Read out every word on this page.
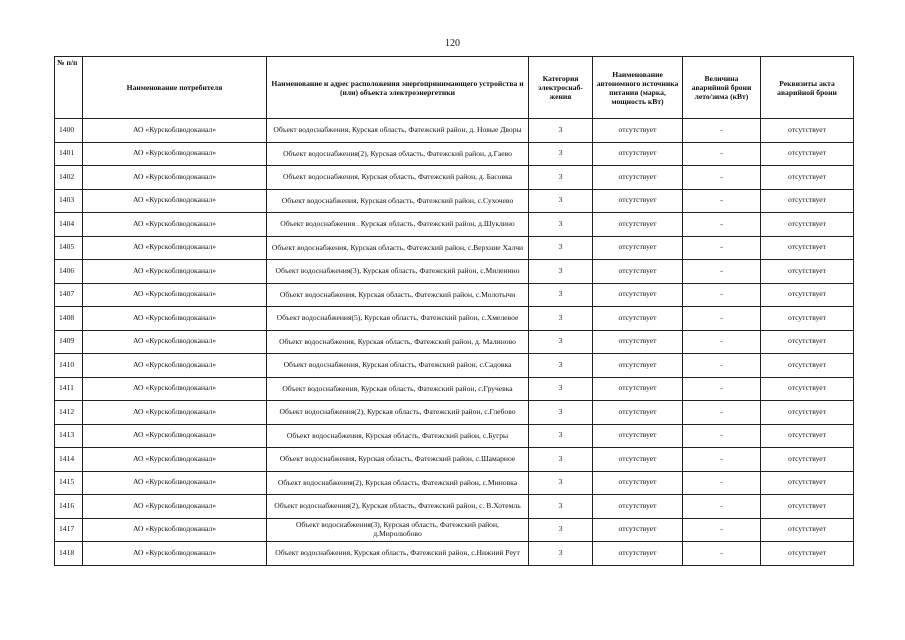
120
№ п/п	Наименование потребителя	Наименование и адрес расположения энергопринимающего устройства и (или) объекта электроэнергетики	Категория электроснаб-жения	Наименование автономного источника питания (марка, мощность кВт)	Величина аварийной брони лето/зима (кВт)	Реквизиты акта аварийной брони
1400	АО «Курскоблводоканал»	Объект водоснабжения, Курская область, Фатежский район, д. Новые Дворы	3	отсутствует	-	отсутствует
1401	АО «Курскоблводоканал»	Объект водоснабжения(2), Курская область, Фатежский район, д.Гаево	3	отсутствует	-	отсутствует
1402	АО «Курскоблводоканал»	Объект водоснабжения, Курская область, Фатежский район, д. Басовка	3	отсутствует	-	отсутствует
1403	АО «Курскоблводоканал»	Объект водоснабжения, Курская область, Фатежский район, с.Сухочево	3	отсутствует	-	отсутствует
1404	АО «Курскоблводоканал»	Объект водоснабжения . Курская область, Фатежский район, д.Шуклино	3	отсутствует	-	отсутствует
1405	АО «Курскоблводоканал»	Объект водоснабжения, Курская область, Фатежский район, с.Верхние Халчи	3	отсутствует	-	отсутствует
1406	АО «Курскоблводоканал»	Объект водоснабжения(3), Курская область, Фатежский район, с.Миленино	3	отсутствует	-	отсутствует
1407	АО «Курскоблводоканал»	Объект водоснабжения, Курская область, Фатежский район, с.Молотычи	3	отсутствует	-	отсутствует
1408	АО «Курскоблводоканал»	Объект водоснабжения(5), Курская область, Фатежский район, с.Хмелевое	3	отсутствует	-	отсутствует
1409	АО «Курскоблводоканал»	Объект водоснабжения, Курская область, Фатежский район, д. Малиново	3	отсутствует	-	отсутствует
1410	АО «Курскоблводоканал»	Объект водоснабжения, Курская область, Фатежский район, с.Садовка	3	отсутствует	-	отсутствует
1411	АО «Курскоблводоканал»	Объект водоснабжения, Курская область, Фатежский район, с.Гручевка	3	отсутствует	-	отсутствует
1412	АО «Курскоблводоканал»	Объект водоснабжения(2), Курская область, Фатежский район, с.Глебово	3	отсутствует	-	отсутствует
1413	АО «Курскоблводоканал»	Объект водоснабжения, Курская область, Фатежский район, с.Бугры	3	отсутствует	-	отсутствует
1414	АО «Курскоблводоканал»	Объект водоснабжения, Курская область, Фатежский район, с.Шамарное	3	отсутствует	-	отсутствует
1415	АО «Курскоблводоканал»	Объект водоснабжения(2), Курская область, Фатежский район, с.Миновка	3	отсутствует	-	отсутствует
1416	АО «Курскоблводоканал»	Объект водоснабжения(2), Курская область, Фатежский район, с. В.Хотемль	3	отсутствует	-	отсутствует
1417	АО «Курскоблводоканал»	Объект водоснабжения(3), Курская область, Фатежский район, д.Миролюбово	3	отсутствует	-	отсутствует
1418	АО «Курскоблводоканал»	Объект водоснабжения, Курская область, Фатежский район, с.Нижний Реут	3	отсутствует	-	отсутствует
